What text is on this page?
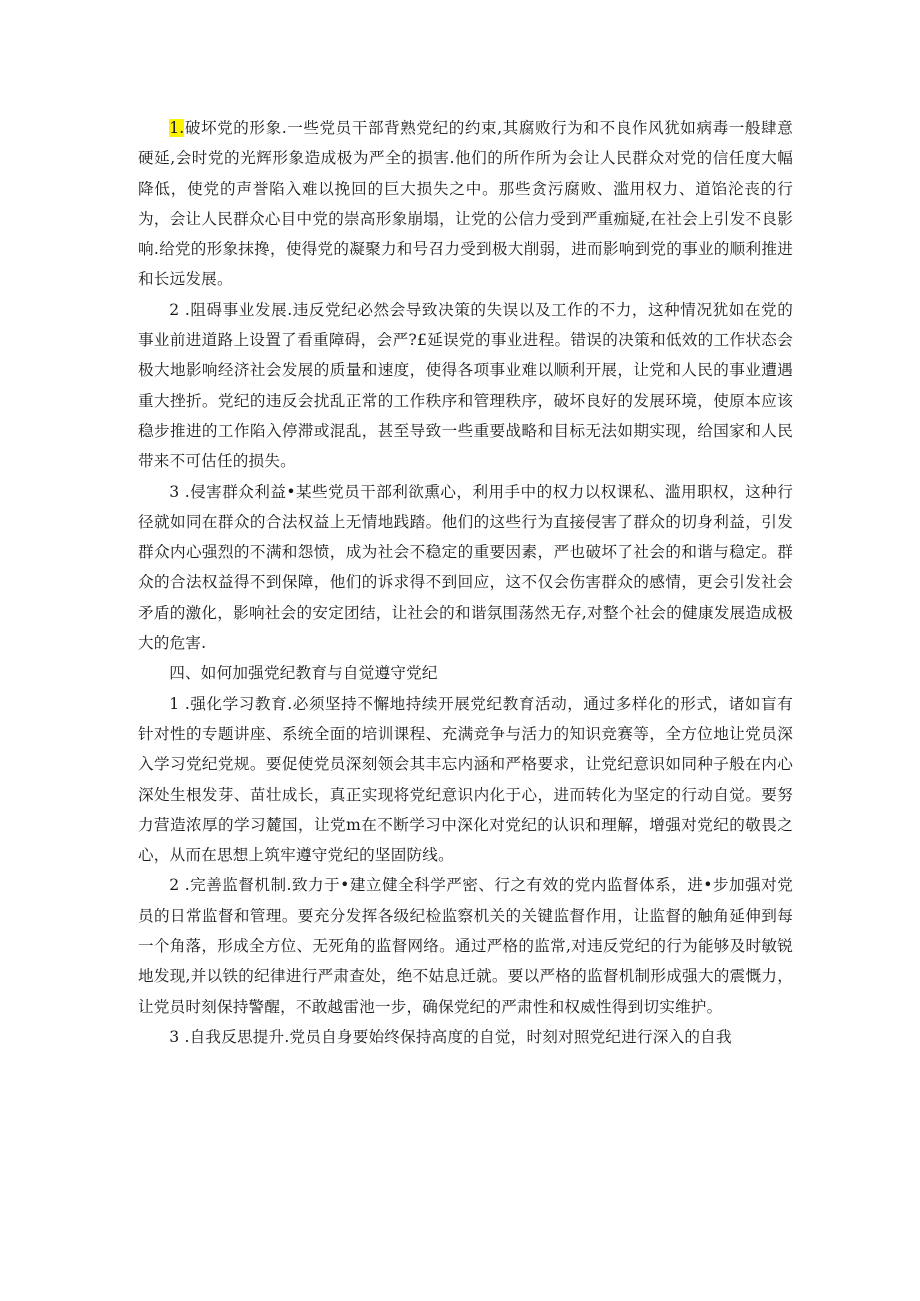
1.破坏党的形象.一些党员干部背熟党纪的约束,其腐败行为和不良作风犹如病毒一般肆意硬延,会时党的光辉形象造成极为严全的损害.他们的所作所为会让人民群众对党的信任度大幅降低，使党的声誉陷入难以挽回的巨大损失之中。那些贪污腐败、滥用权力、道馅沦丧的行为，会让人民群众心目中党的崇高形象崩塌，让党的公信力受到严重痂疑,在社会上引发不良影响.给党的形象抹搀，使得党的凝聚力和号召力受到极大削弱，进而影响到党的事业的顺利推进和长远发展。

2 .阻碍事业发展.违反党纪必然会导致决策的失误以及工作的不力，这种情况犹如在党的事业前进道路上设置了看重障碍，会严?£延误党的事业进程。错误的决策和低效的工作状态会极大地影响经济社会发展的质量和速度，使得各项事业难以顺利开展，让党和人民的事业遭遇重大挫折。党纪的违反会扰乱正常的工作秩序和管理秩序，破坏良好的发展环境，使原本应该稳步推进的工作陷入停滞或混乱，甚至导致一些重要战略和目标无法如期实现，给国家和人民带来不可估任的损失。

3 .侵害群众利益•某些党员干部利欲熏心，利用手中的权力以权课私、滥用职权，这种行径就如同在群众的合法权益上无情地践踏。他们的这些行为直接侵害了群众的切身利益，引发群众内心强烈的不满和怨愤，成为社会不稳定的重要因素，严也破坏了社会的和谐与稳定。群众的合法权益得不到保障，他们的诉求得不到回应，这不仅会伤害群众的感情，更会引发社会矛盾的激化，影响社会的安定团结，让社会的和谐氛围荡然无存,对整个社会的健康发展造成极大的危害.

四、如何加强党纪教育与自觉遵守党纪

1 .强化学习教育.必须坚持不懈地持续开展党纪教育活动，通过多样化的形式，诸如盲有针对性的专题讲座、系统全面的培训课程、充满竞争与活力的知识竞赛等，全方位地让党员深入学习党纪党规。要促使党员深刻领会其丰忘内涵和严格要求，让党纪意识如同种子般在内心深处生根发芽、苗壮成长，真正实现将党纪意识内化于心，进而转化为坚定的行动自觉。要努力营造浓厚的学习麓国，让党m在不断学习中深化对党纪的认识和理解，增强对党纪的敬畏之心，从而在思想上筑牢遵守党纪的坚固防线。

2 .完善监督机制.致力于•建立健全科学严密、行之有效的党内监督体系，进•步加强对党员的日常监督和管理。要充分发挥各级纪检监察机关的关键监督作用，让监督的触角延伸到每一个角落，形成全方位、无死角的监督网络。通过严格的监常,对违反党纪的行为能够及时敏锐地发现,并以铁的纪律进行严肃查处，绝不姑息迁就。要以严格的监督机制形成强大的震慨力，让党员时刻保持警醒，不敢越雷池一步，确保党纪的严肃性和权威性得到切实维护。

3 .自我反思提升.党员自身要始终保持高度的自觉，时刻对照党纪进行深入的自我
